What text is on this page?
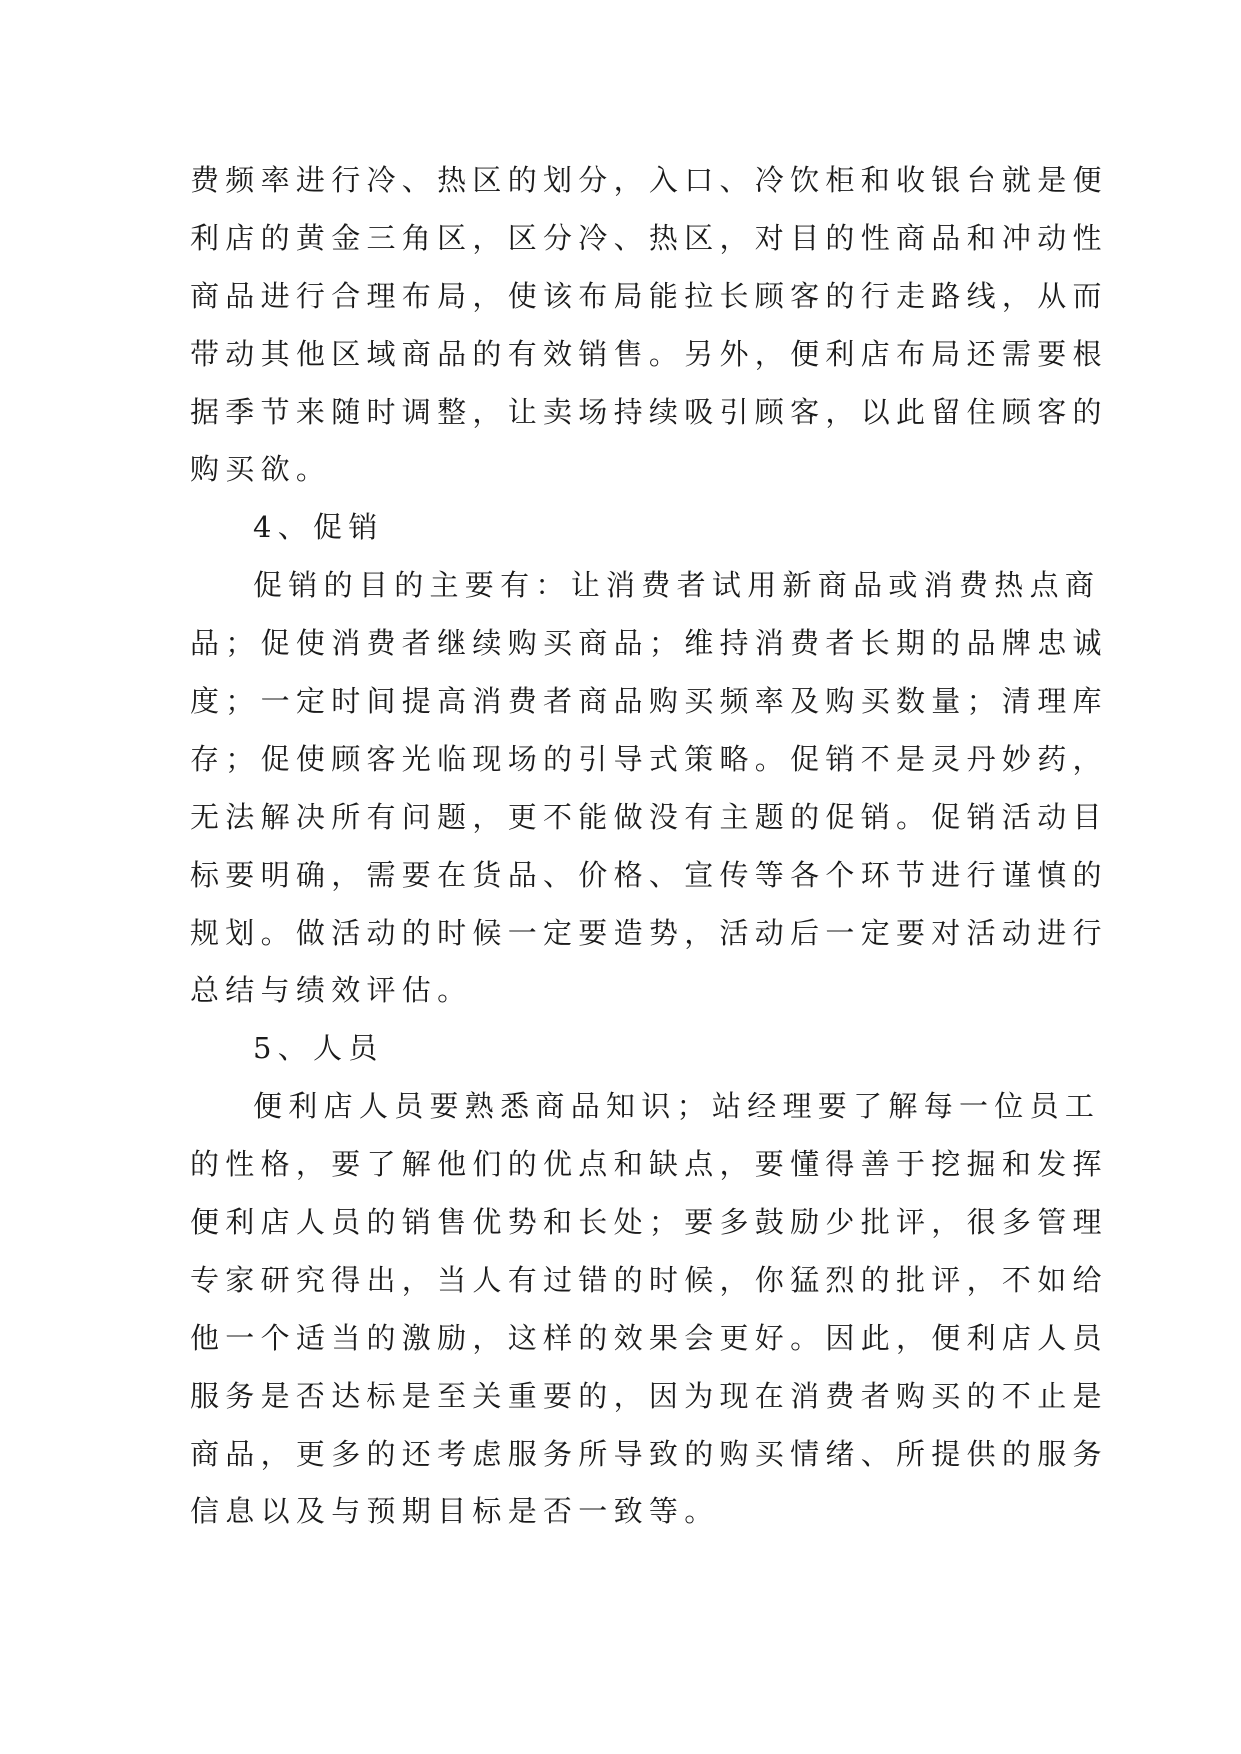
费频率进行冷、热区的划分，入口、冷饮柜和收银台就是便
利店的黄金三角区，区分冷、热区，对目的性商品和冲动性
商品进行合理布局，使该布局能拉长顾客的行走路线，从而
带动其他区域商品的有效销售。另外，便利店布局还需要根
据季节来随时调整，让卖场持续吸引顾客，以此留住顾客的
购买欲。
4、促销
促销的目的主要有：让消费者试用新商品或消费热点商
品；促使消费者继续购买商品；维持消费者长期的品牌忠诚
度；一定时间提高消费者商品购买频率及购买数量；清理库
存；促使顾客光临现场的引导式策略。促销不是灵丹妙药，
无法解决所有问题，更不能做没有主题的促销。促销活动目
标要明确，需要在货品、价格、宣传等各个环节进行谨慎的
规划。做活动的时候一定要造势，活动后一定要对活动进行
总结与绩效评估。
5、人员
便利店人员要熟悉商品知识；站经理要了解每一位员工
的性格，要了解他们的优点和缺点，要懂得善于挖掘和发挥
便利店人员的销售优势和长处；要多鼓励少批评，很多管理
专家研究得出，当人有过错的时候，你猛烈的批评，不如给
他一个适当的激励，这样的效果会更好。因此，便利店人员
服务是否达标是至关重要的，因为现在消费者购买的不止是
商品，更多的还考虑服务所导致的购买情绪、所提供的服务
信息以及与预期目标是否一致等。
